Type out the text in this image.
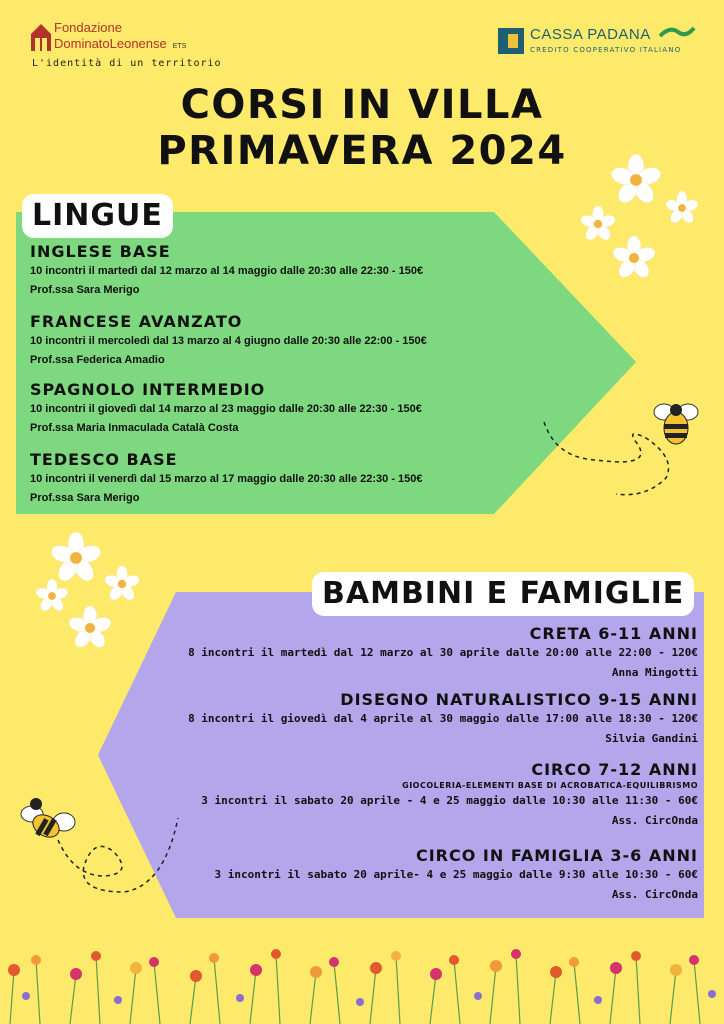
Fondazione
DominatoLeonense ETS
L'identità di un territorio
CASSA PADANA
CREDITO COOPERATIVO ITALIANO
CORSI IN VILLA
PRIMAVERA 2024
LINGUE
INGLESE BASE
10 incontri il martedì dal 12 marzo al 14 maggio dalle 20:30 alle 22:30 - 150€
Prof.ssa Sara Merigo
FRANCESE AVANZATO
10 incontri il mercoledì dal 13 marzo al 4 giugno dalle 20:30 alle 22:00 - 150€
Prof.ssa Federica Amadio
SPAGNOLO INTERMEDIO
10 incontri il giovedì dal 14 marzo al 23 maggio dalle 20:30 alle 22:30 - 150€
Prof.ssa Maria Inmaculada Català Costa
TEDESCO BASE
10 incontri il venerdì dal 15 marzo al 17 maggio dalle 20:30 alle 22:30 - 150€
Prof.ssa Sara Merigo
BAMBINI E FAMIGLIE
CRETA 6-11 ANNI
8 incontri il martedì dal 12 marzo al 30 aprile dalle 20:00 alle 22:00 - 120€
Anna Mingotti
DISEGNO NATURALISTICO 9-15 ANNI
8 incontri il giovedì dal 4 aprile al 30 maggio dalle 17:00 alle 18:30 - 120€
Silvia Gandini
CIRCO 7-12 ANNI
GIOCOLERIA-ELEMENTI BASE DI ACROBATICA-EQUILIBRISMO
3 incontri il sabato 20 aprile - 4 e 25 maggio dalle 10:30 alle 11:30 - 60€
Ass. CircOnda
CIRCO IN FAMIGLIA 3-6 ANNI
3 incontri il sabato 20 aprile- 4 e 25 maggio dalle 9:30 alle 10:30 - 60€
Ass. CircOnda
